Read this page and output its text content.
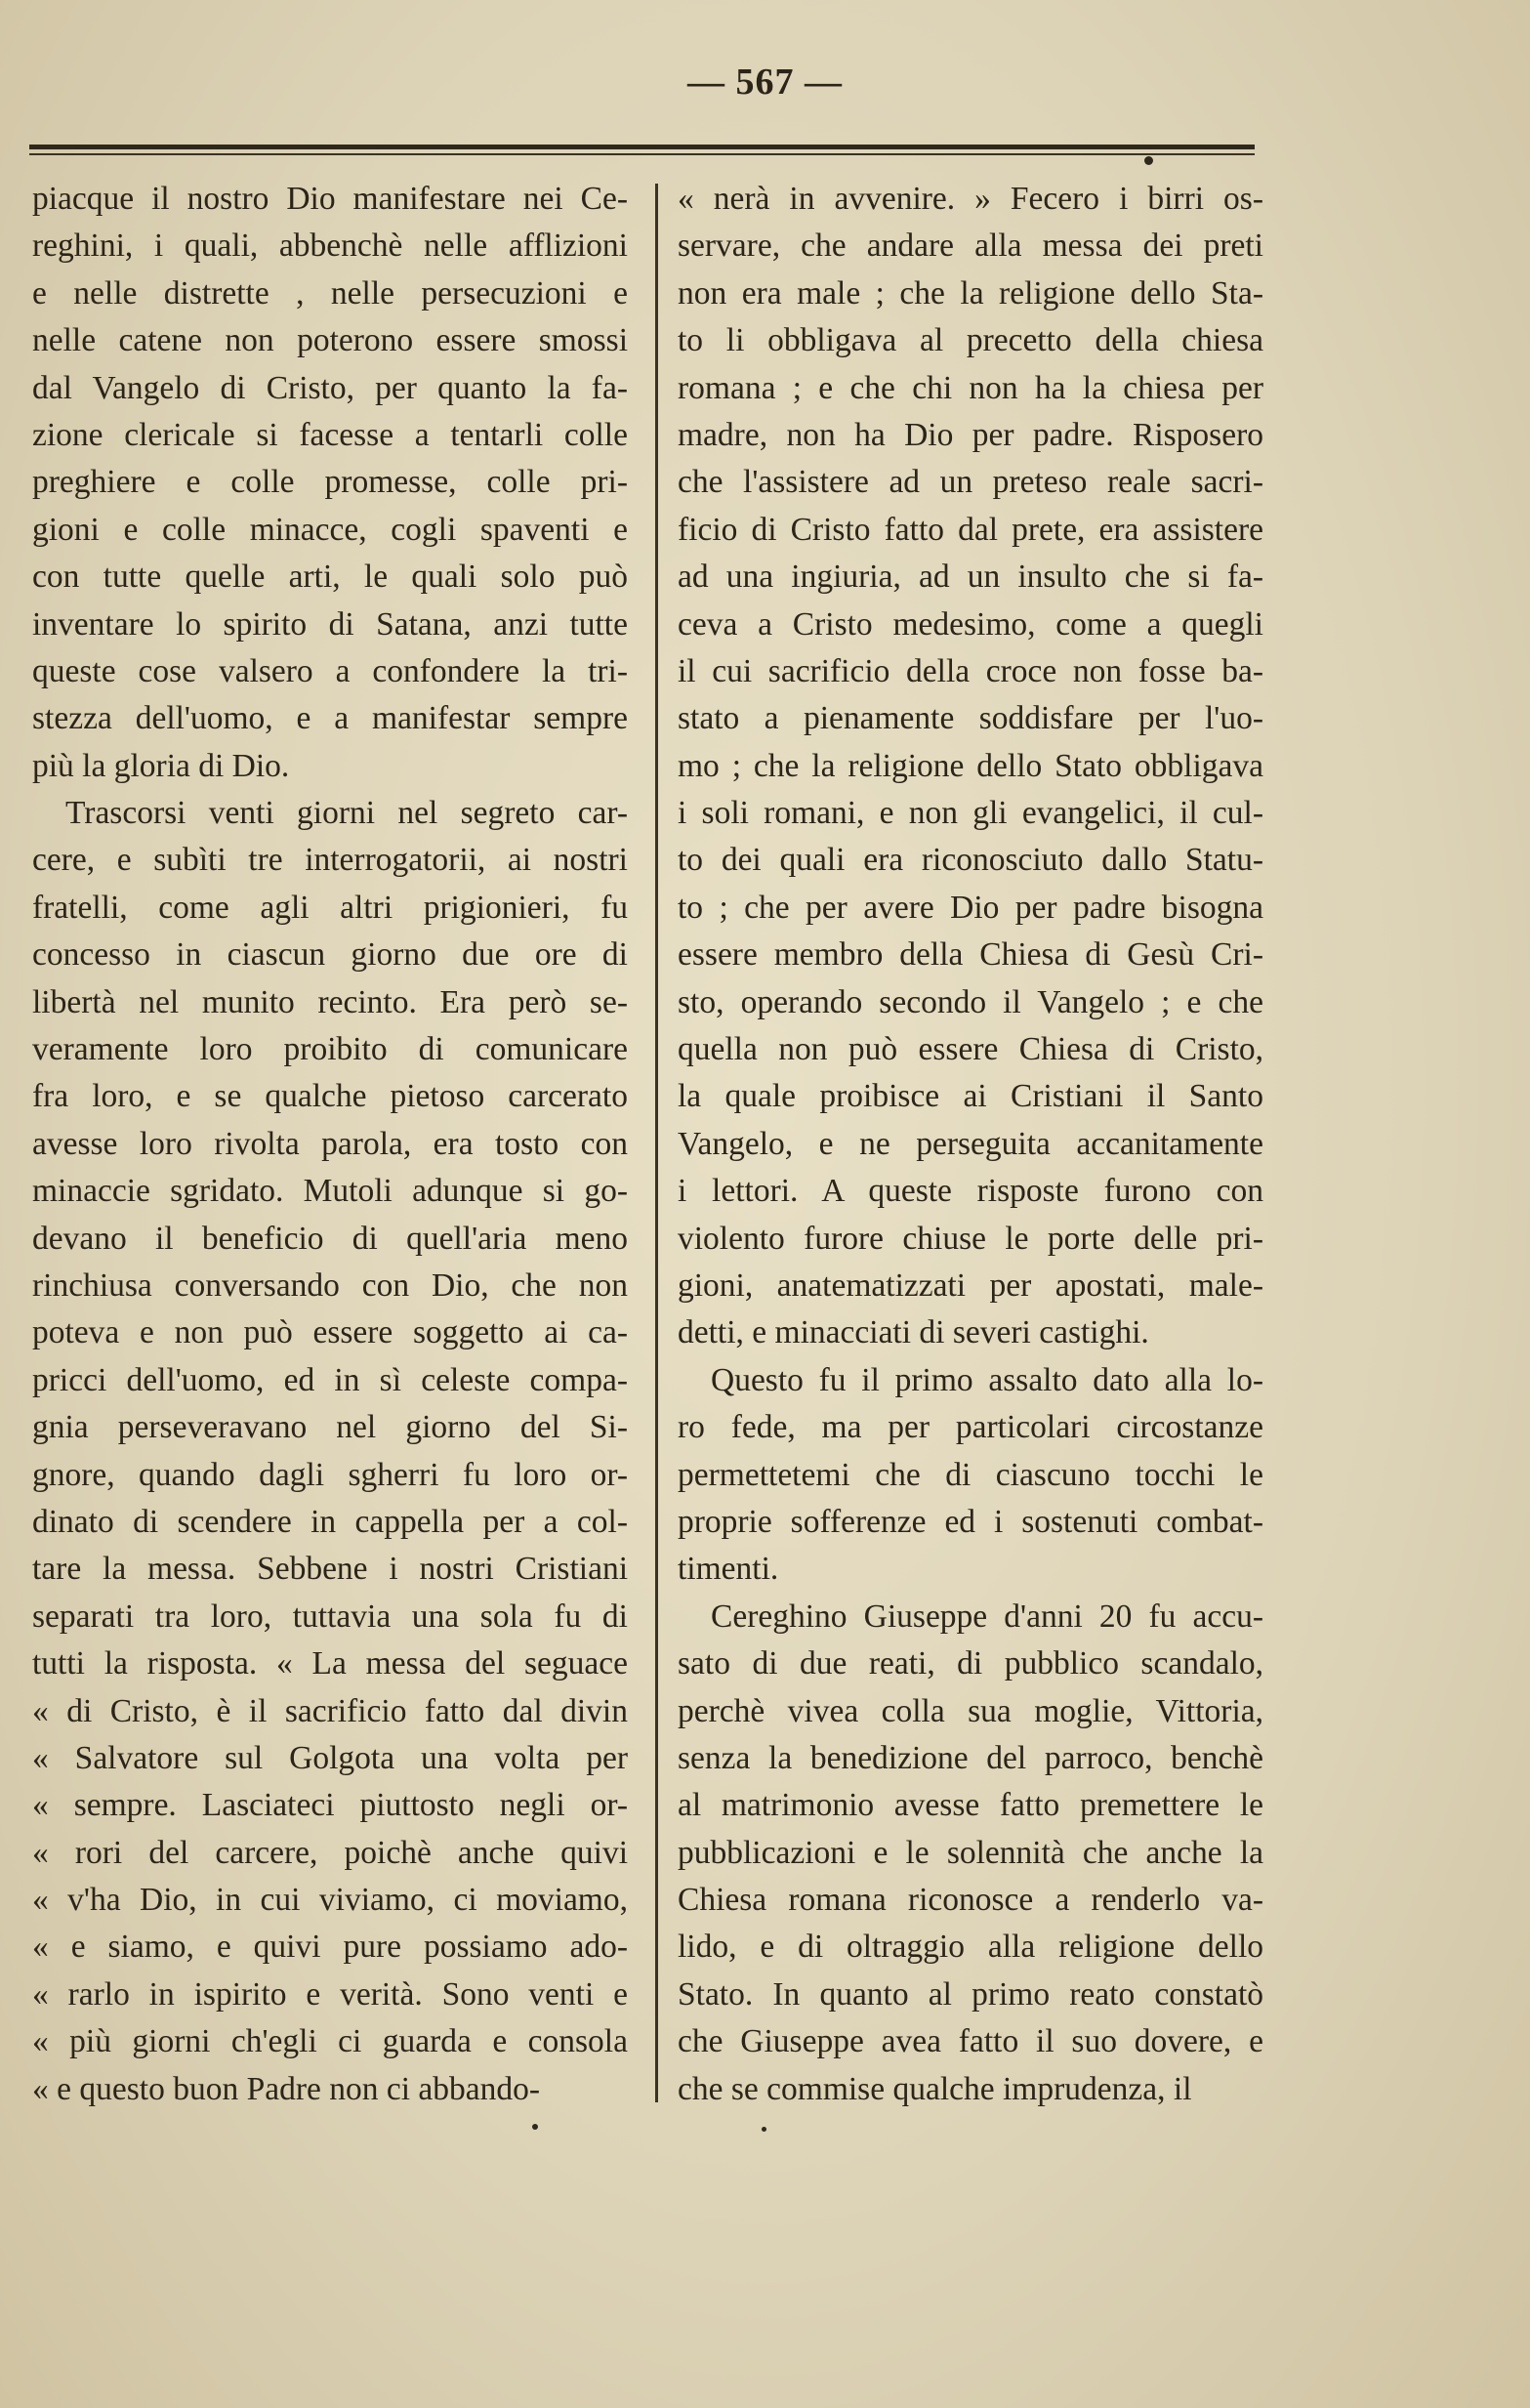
— 567 —
piacque il nostro Dio manifestare nei Ce-
reghini, i quali, abbenchè nelle afflizioni
e nelle distrette , nelle persecuzioni e
nelle catene non poterono essere smossi
dal Vangelo di Cristo, per quanto la fa-
zione clericale si facesse a tentarli colle
preghiere e colle promesse, colle pri-
gioni e colle minacce, cogli spaventi e
con tutte quelle arti, le quali solo può
inventare lo spirito di Satana, anzi tutte
queste cose valsero a confondere la tri-
stezza dell'uomo, e a manifestar sempre
più la gloria di Dio.
Trascorsi venti giorni nel segreto car-
cere, e subìti tre interrogatorii, ai nostri
fratelli, come agli altri prigionieri, fu
concesso in ciascun giorno due ore di
libertà nel munito recinto. Era però se-
veramente loro proibito di comunicare
fra loro, e se qualche pietoso carcerato
avesse loro rivolta parola, era tosto con
minaccie sgridato. Mutoli adunque si go-
devano il beneficio di quell'aria meno
rinchiusa conversando con Dio, che non
poteva e non può essere soggetto ai ca-
pricci dell'uomo, ed in sì celeste compa-
gnia perseveravano nel giorno del Si-
gnore, quando dagli sgherri fu loro or-
dinato di scendere in cappella per a col-
tare la messa. Sebbene i nostri Cristiani
separati tra loro, tuttavia una sola fu di
tutti la risposta. « La messa del seguace
« di Cristo, è il sacrificio fatto dal divin
« Salvatore sul Golgota una volta per
« sempre. Lasciateci piuttosto negli or-
« rori del carcere, poichè anche quivi
« v'ha Dio, in cui viviamo, ci moviamo,
« e siamo, e quivi pure possiamo ado-
« rarlo in ispirito e verità. Sono venti e
« più giorni ch'egli ci guarda e consola
« e questo buon Padre non ci abbando-
« nerà in avvenire. » Fecero i birri os-
servare, che andare alla messa dei preti
non era male ; che la religione dello Sta-
to li obbligava al precetto della chiesa
romana ; e che chi non ha la chiesa per
madre, non ha Dio per padre. Risposero
che l'assistere ad un preteso reale sacri-
ficio di Cristo fatto dal prete, era assistere
ad una ingiuria, ad un insulto che si fa-
ceva a Cristo medesimo, come a quegli
il cui sacrificio della croce non fosse ba-
stato a pienamente soddisfare per l'uo-
mo ; che la religione dello Stato obbligava
i soli romani, e non gli evangelici, il cul-
to dei quali era riconosciuto dallo Statu-
to ; che per avere Dio per padre bisogna
essere membro della Chiesa di Gesù Cri-
sto, operando secondo il Vangelo ; e che
quella non può essere Chiesa di Cristo,
la quale proibisce ai Cristiani il Santo
Vangelo, e ne perseguita accanitamente
i lettori. A queste risposte furono con
violento furore chiuse le porte delle pri-
gioni, anatematizzati per apostati, male-
detti, e minacciati di severi castighi.
Questo fu il primo assalto dato alla lo-
ro fede, ma per particolari circostanze
permettetemi che di ciascuno tocchi le
proprie sofferenze ed i sostenuti combat-
timenti.
Cereghino Giuseppe d'anni 20 fu accu-
sato di due reati, di pubblico scandalo,
perchè vivea colla sua moglie, Vittoria,
senza la benedizione del parroco, benchè
al matrimonio avesse fatto premettere le
pubblicazioni e le solennità che anche la
Chiesa romana riconosce a renderlo va-
lido, e di oltraggio alla religione dello
Stato. In quanto al primo reato constatò
che Giuseppe avea fatto il suo dovere, e
che se commise qualche imprudenza, il
